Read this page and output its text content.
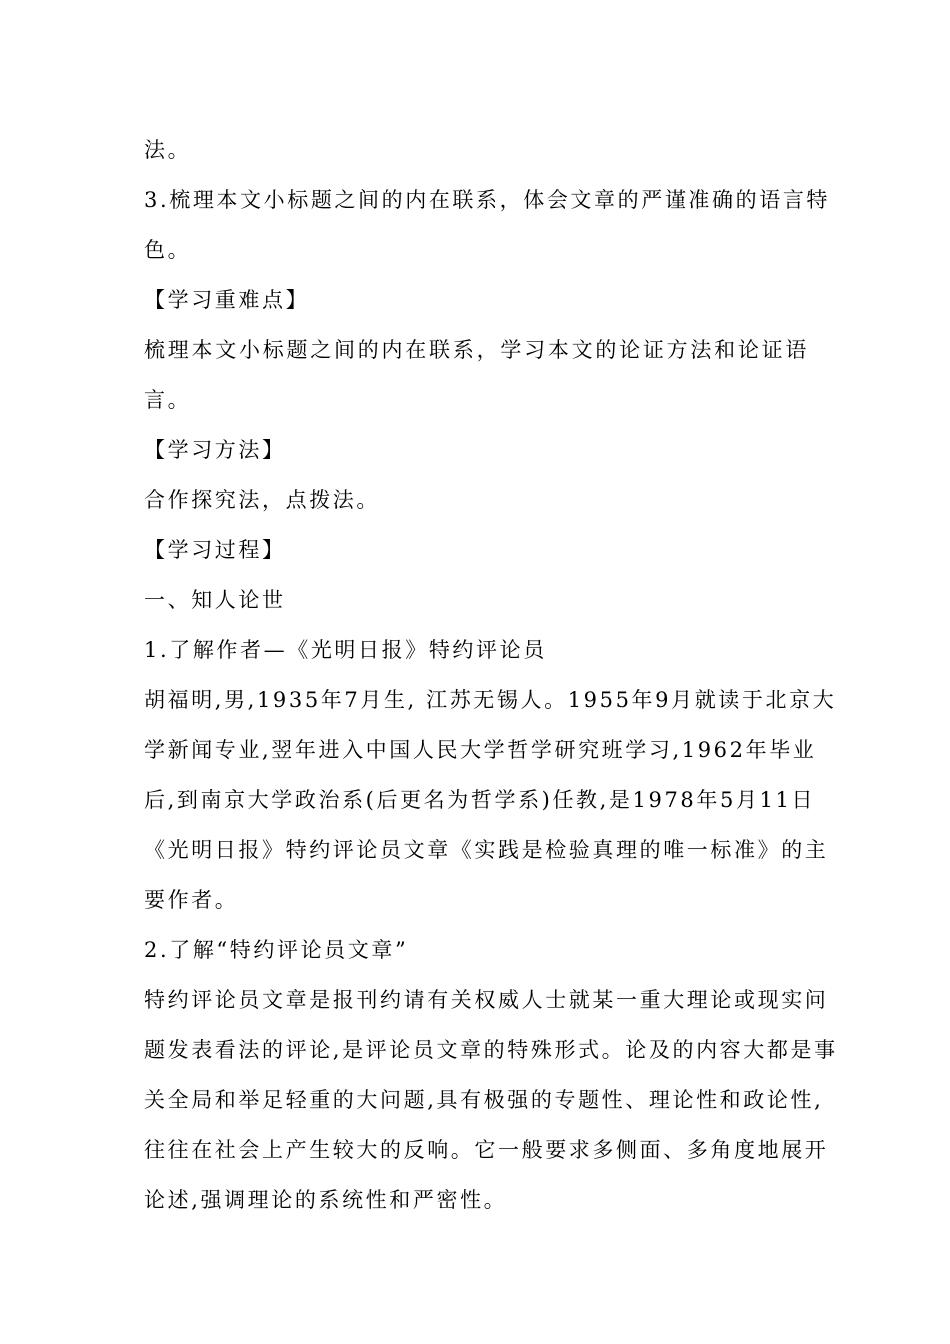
法。
3.梳理本文小标题之间的内在联系，体会文章的严谨准确的语言特
色。
【学习重难点】
梳理本文小标题之间的内在联系，学习本文的论证方法和论证语
言。
【学习方法】
合作探究法，点拨法。
【学习过程】
一、知人论世
1.了解作者—《光明日报》特约评论员
胡福明,男,1935年7月生, 江苏无锡人。1955年9月就读于北京大
学新闻专业,翌年进入中国人民大学哲学研究班学习,1962年毕业
后,到南京大学政治系(后更名为哲学系)任教,是1978年5月11日
《光明日报》特约评论员文章《实践是检验真理的唯一标准》的主
要作者。
2.了解“特约评论员文章”
特约评论员文章是报刊约请有关权威人士就某一重大理论或现实问
题发表看法的评论,是评论员文章的特殊形式。论及的内容大都是事
关全局和举足轻重的大问题,具有极强的专题性、理论性和政论性,
往往在社会上产生较大的反响。它一般要求多侧面、多角度地展开
论述,强调理论的系统性和严密性。
